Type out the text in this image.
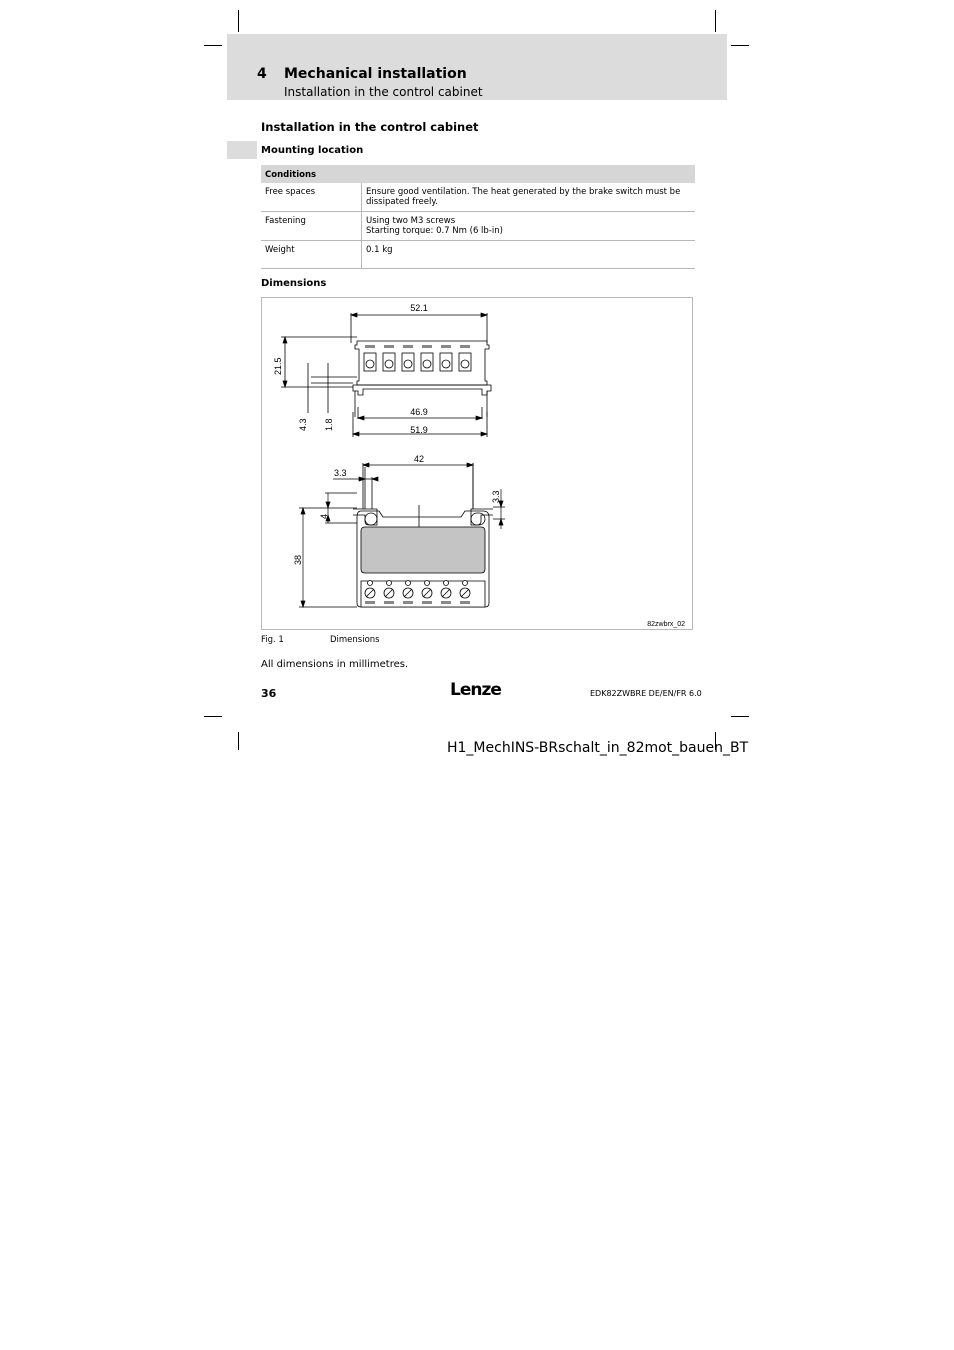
4 Mechanical installation
Installation in the control cabinet
Installation in the control cabinet
Mounting location
Conditions	
Free spaces	Ensure good ventilation. The heat generated by the brake switch must be
dissipated freely.

Fastening	Using two M3 screws
Starting torque: 0.7 Nm (6 lb-in)

Weight	0.1 kg
Dimensions
52.1
21.5
4.3 1.8
46.9
51.9
42
3.3
3.3
4
38
82zwbrx_02
Fig. 1	Dimensions
All dimensions in millimetres.
36	Lenze	EDK82ZWBRE DE/EN/FR 6.0
H1_MechINS-BRschalt_in_82mot_bauen_BT
